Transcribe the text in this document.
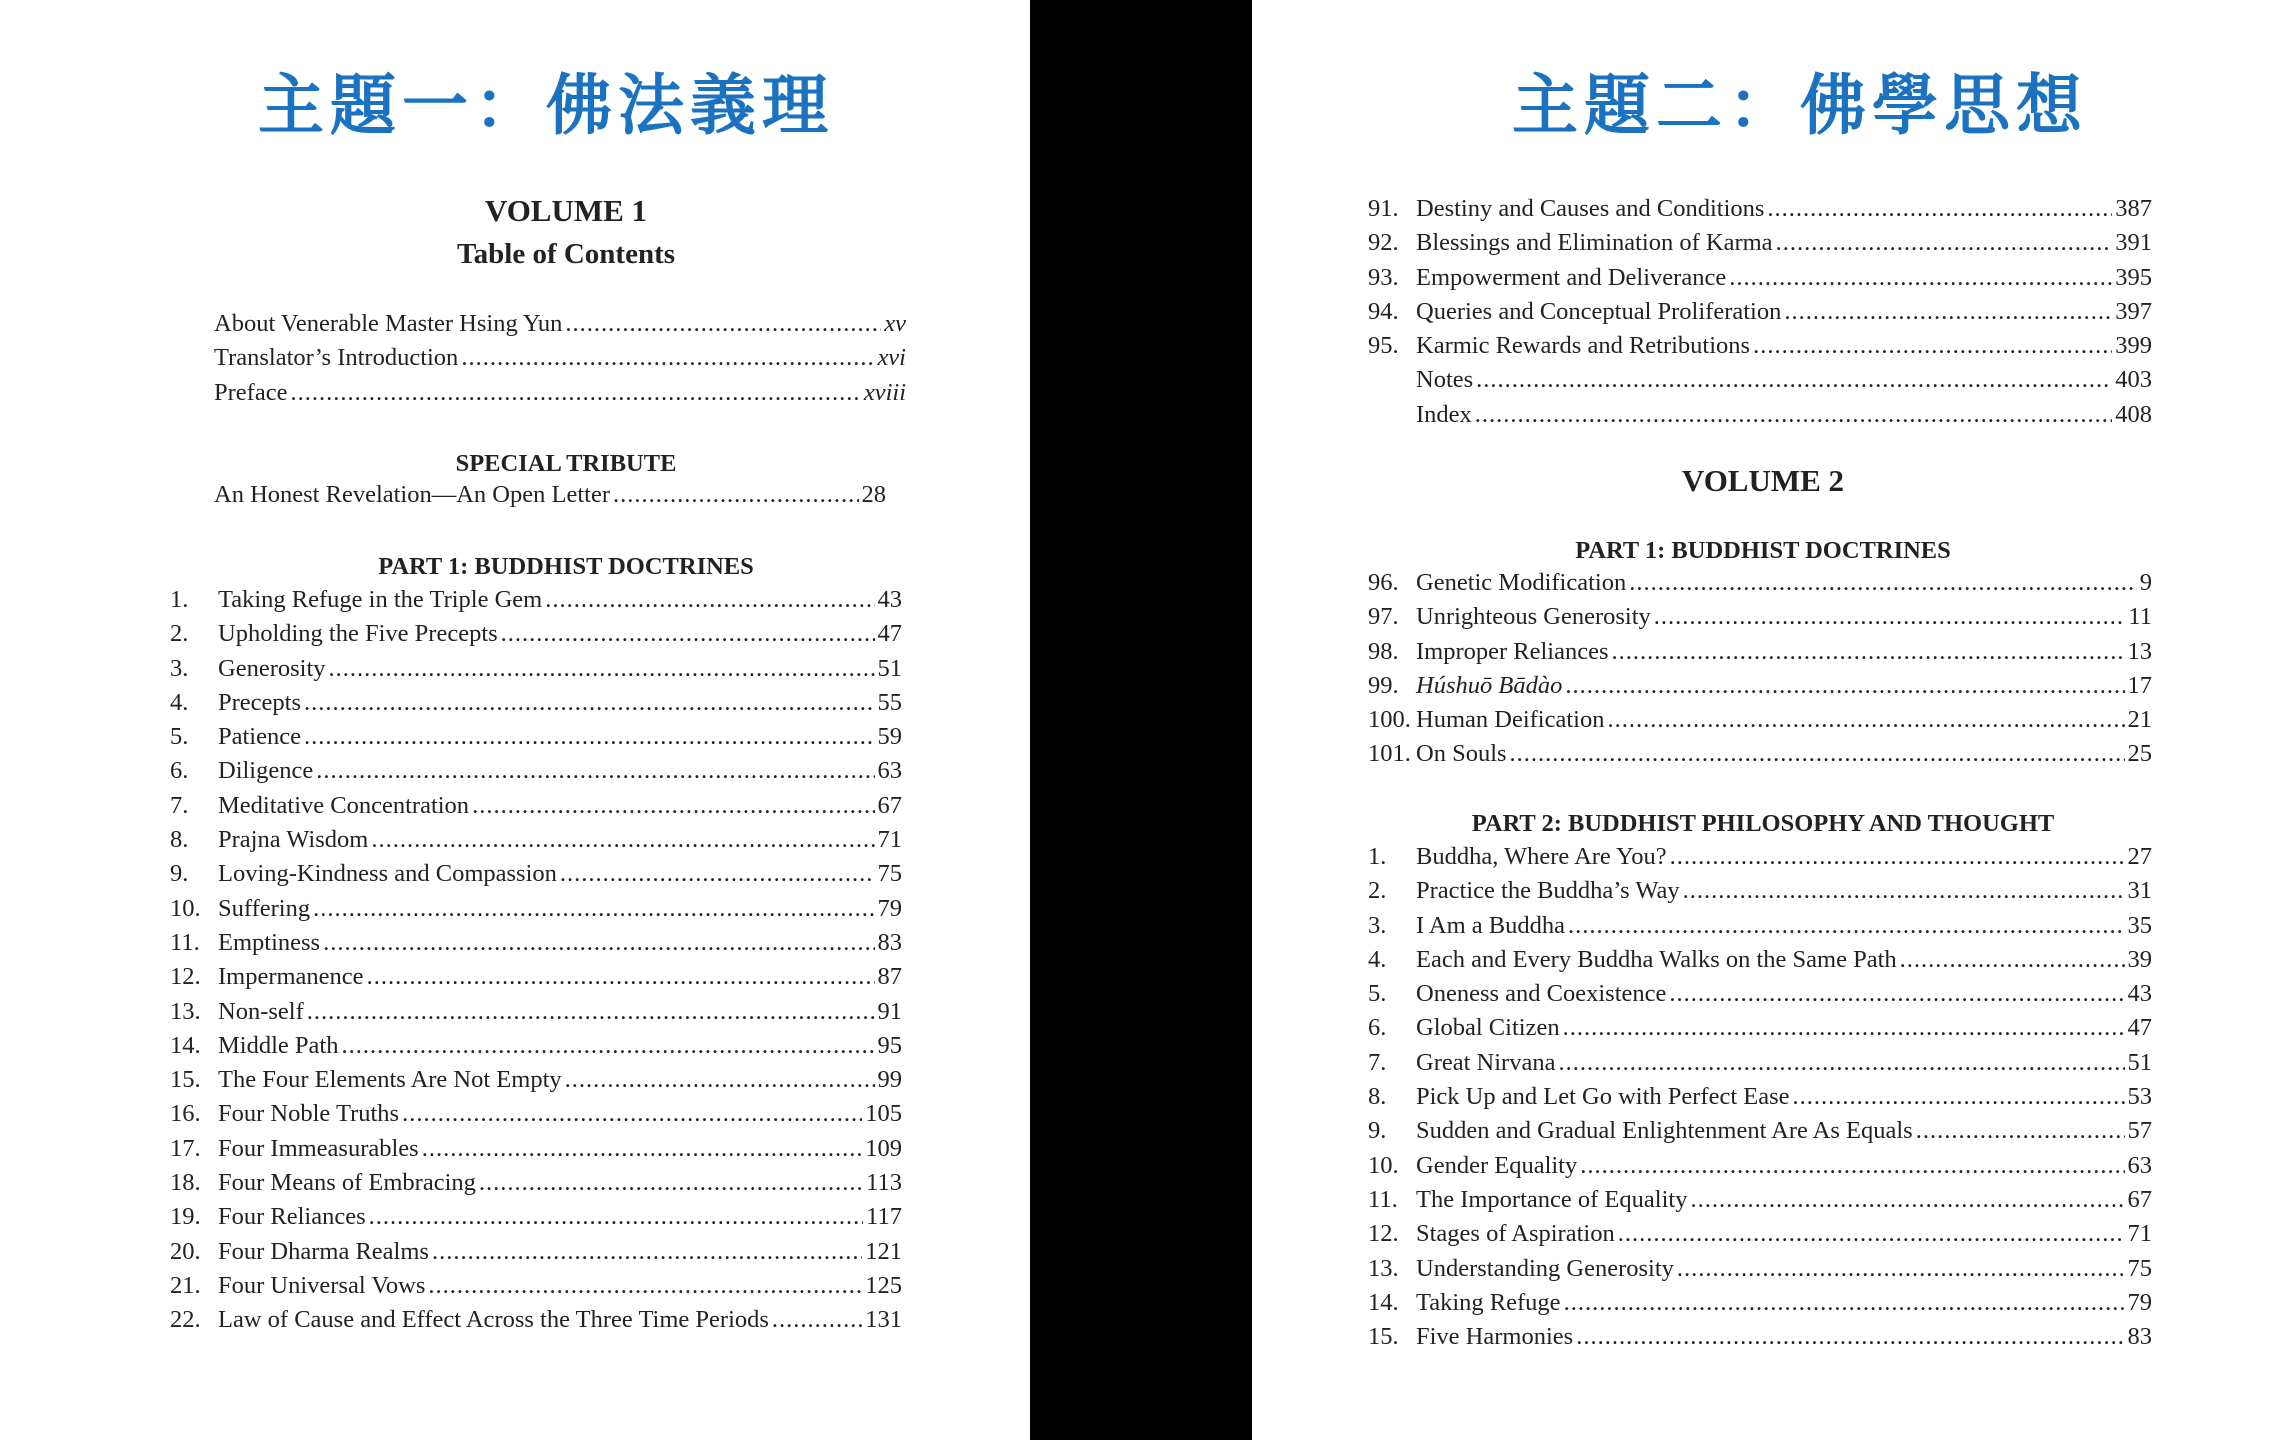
主題一：佛法義理
VOLUME 1
Table of Contents
About Venerable Master Hsing Yun .....	xv
Translator’s Introduction .....	xvi
Preface .....	xviii
SPECIAL TRIBUTE
An Honest Revelation—An Open Letter .....	28
PART 1: BUDDHIST DOCTRINES
1.	Taking Refuge in the Triple Gem .....	43
2.	Upholding the Five Precepts .....	47
3.	Generosity .....	51
4.	Precepts .....	55
5.	Patience .....	59
6.	Diligence .....	63
7.	Meditative Concentration .....	67
8.	Prajna Wisdom .....	71
9.	Loving-Kindness and Compassion .....	75
10. Suffering .....	79
11. Emptiness .....	83
12. Impermanence .....	87
13. Non-self .....	91
14. Middle Path .....	95
15. The Four Elements Are Not Empty .....	99
16. Four Noble Truths .....	105
17. Four Immeasurables .....	109
18. Four Means of Embracing .....	113
19. Four Reliances .....	117
20. Four Dharma Realms .....	121
21. Four Universal Vows .....	125
22. Law of Cause and Effect Across the Three Time Periods .....	131
主題二：佛學思想
91. Destiny and Causes and Conditions .....	387
92. Blessings and Elimination of Karma .....	391
93. Empowerment and Deliverance .....	395
94. Queries and Conceptual Proliferation .....	397
95. Karmic Rewards and Retributions .....	399
Notes .....	403
Index .....	408
VOLUME 2
PART 1: BUDDHIST DOCTRINES
96. Genetic Modification .....	9
97. Unrighteous Generosity .....	11
98. Improper Reliances .....	13
99. Húshuō Bādào .....	17
100. Human Deification .....	21
101. On Souls .....	25
PART 2: BUDDHIST PHILOSOPHY AND THOUGHT
1.	Buddha, Where Are You? .....	27
2.	Practice the Buddha’s Way .....	31
3.	I Am a Buddha .....	35
4.	Each and Every Buddha Walks on the Same Path .....	39
5.	Oneness and Coexistence .....	43
6.	Global Citizen .....	47
7.	Great Nirvana .....	51
8.	Pick Up and Let Go with Perfect Ease .....	53
9.	Sudden and Gradual Enlightenment Are As Equals .....	57
10. Gender Equality .....	63
11. The Importance of Equality .....	67
12. Stages of Aspiration .....	71
13. Understanding Generosity .....	75
14. Taking Refuge .....	79
15. Five Harmonies .....	83
